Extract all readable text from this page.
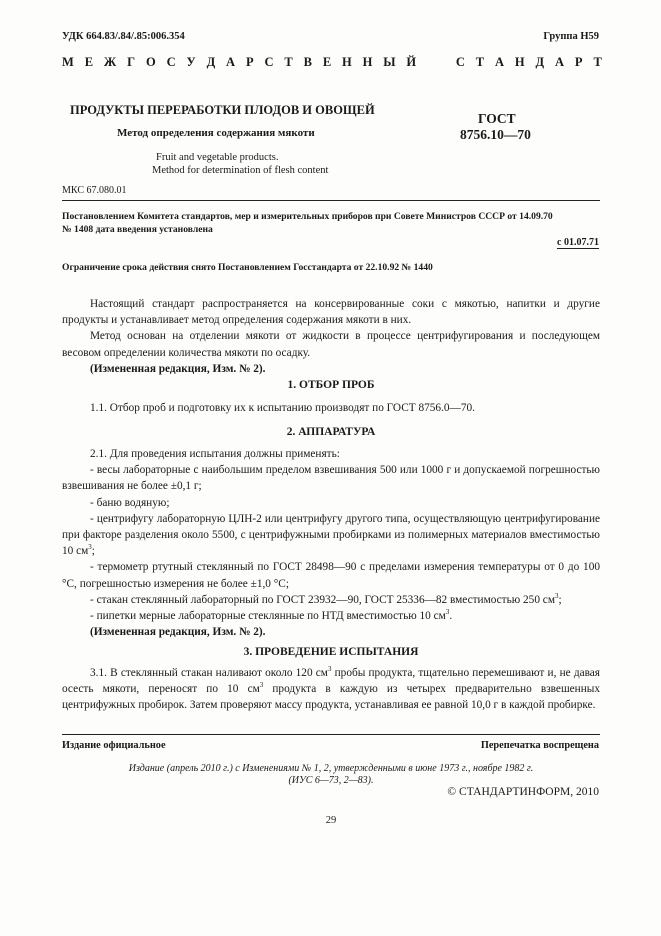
УДК 664.83/.84/.85:006.354	Группа Н59
М Е Ж Г О С У Д А Р С Т В Е Н Н Ы Й	С Т А Н Д А Р Т
ПРОДУКТЫ ПЕРЕРАБОТКИ ПЛОДОВ И ОВОЩЕЙ
Метод определения содержания мякоти
Fruit and vegetable products.
Method for determination of flesh content
ГОСТ
8756.10—70
МКС 67.080.01
Постановлением Комитета стандартов, мер и измерительных приборов при Совете Министров СССР от 14.09.70
№ 1408 дата введения установлена
с 01.07.71
Ограничение срока действия снято Постановлением Госстандарта от 22.10.92 № 1440

Настоящий стандарт распространяется на консервированные соки с мякотью, напитки и другие продукты и устанавливает метод определения содержания мякоти в них.

Метод основан на отделении мякоти от жидкости в процессе центрифугирования и последующем весовом определении количества мякоти по осадку.

(Измененная редакция, Изм. № 2).

1. ОТБОР ПРОБ

1.1. Отбор проб и подготовку их к испытанию производят по ГОСТ 8756.0—70.

2. АППАРАТУРА

2.1. Для проведения испытания должны применять:

- весы лабораторные с наибольшим пределом взвешивания 500 или 1000 г и допускаемой погрешностью взвешивания не более ±0,1 г;

- баню водяную;

- центрифугу лабораторную ЦЛН-2 или центрифугу другого типа, осуществляющую центрифугирование при факторе разделения около 5500, с центрифужными пробирками из полимерных материалов вместимостью 10 $см^3$;

- термометр ртутный стеклянный по ГОСТ 28498—90 с пределами измерения температуры от 0 до 100 °С, погрешностью измерения не более ±1,0 °С;

- стакан стеклянный лабораторный по ГОСТ 23932—90, ГОСТ 25336—82 вместимостью 250 $см^3$;

- пипетки мерные лабораторные стеклянные по НТД вместимостью 10 $см^3$.

(Измененная редакция, Изм. № 2).

3. ПРОВЕДЕНИЕ ИСПЫТАНИЯ

3.1. В стеклянный стакан наливают около 120 $см^3$ пробы продукта, тщательно перемешивают и, не давая осесть мякоти, переносят по 10 $см^3$ продукта в каждую из четырех предварительно взвешенных центрифужных пробирок. Затем проверяют массу продукта, устанавливая ее равной 10,0 г в каждой пробирке.

Издание официальное	Перепечатка воспрещена
Издание (апрель 2010 г.) с Изменениями № 1, 2, утвержденными в июне 1973 г., ноябре 1982 г.
(ИУС 6—73, 2—83).
© СТАНДАРТИНФОРМ, 2010
29
